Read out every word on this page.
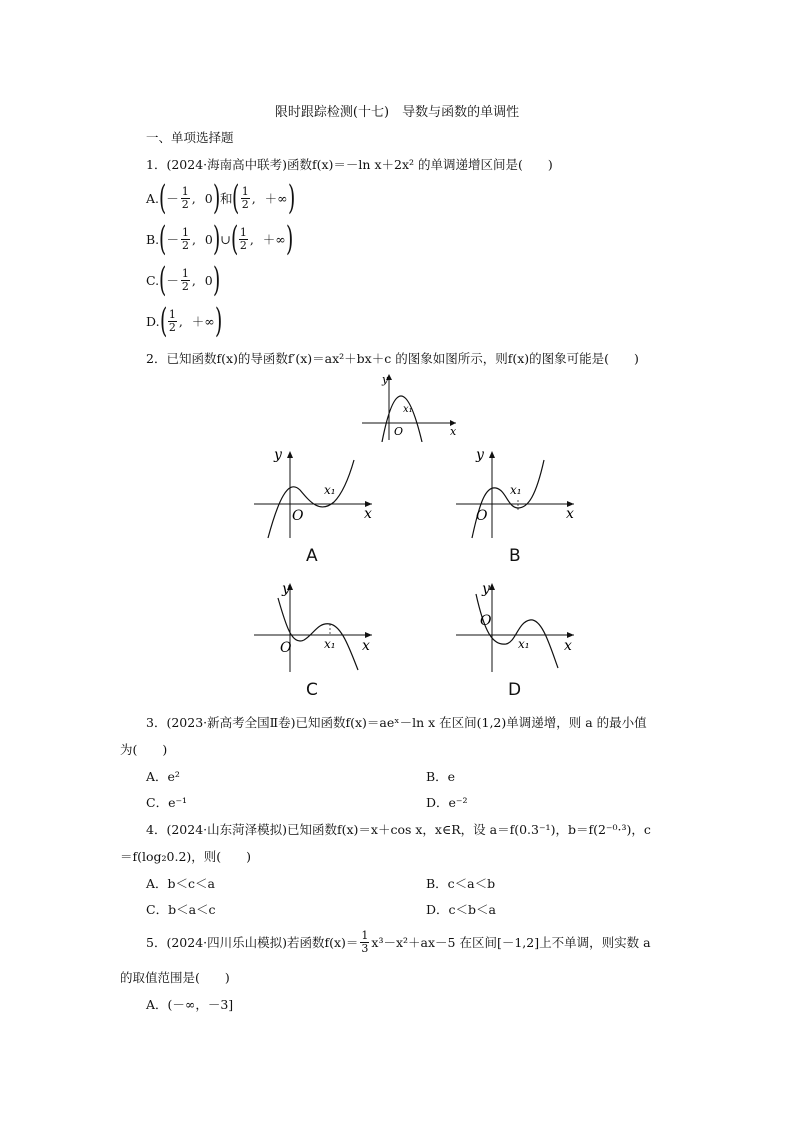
限时跟踪检测(十七)　导数与函数的单调性
一、单项选择题
1．(2024·海南高中联考)函数f(x)＝－ln x＋2x² 的单调递增区间是(　　)
A. ( － $\frac{1}{2}$ , 0 ) 和 ( $\frac{1}{2}$ , ＋∞ )
B. ( － $\frac{1}{2}$ , 0 ) ∪ ( $\frac{1}{2}$ , ＋∞ )
C. ( － $\frac{1}{2}$ , 0 )
D. ( $\frac{1}{2}$ , ＋∞ )
2．已知函数f(x)的导函数f′(x)＝ax²＋bx＋c 的图象如图所示，则f(x)的图象可能是(　　)
y
x
O
x₁
y
x
O
x₁
A
y
x
O
x₁
B
y
x
O	x₁
C
y
x
O
x₁
D
3．(2023·新高考全国Ⅱ卷)已知函数f(x)＝aeˣ－ln x 在区间(1,2)单调递增，则 a 的最小值
为(　　)
A．e²	B．e
C．e⁻¹	D．e⁻²
4．(2024·山东菏泽模拟)已知函数f(x)＝x＋cos x，x∈R，设 a＝f(0.3⁻¹)，b＝f(2⁻⁰·³)，c
＝f(log₂0.2)，则(　　)
A．b＜c＜a	B．c＜a＜b
C．b＜a＜c	D．c＜b＜a
5．(2024·四川乐山模拟)若函数$f(x)= \frac{1}{3} x^3-x^2+ax-5$ 在区间[－1,2]上不单调，则实数 a
的取值范围是(　　)
A．(－∞，－3]
